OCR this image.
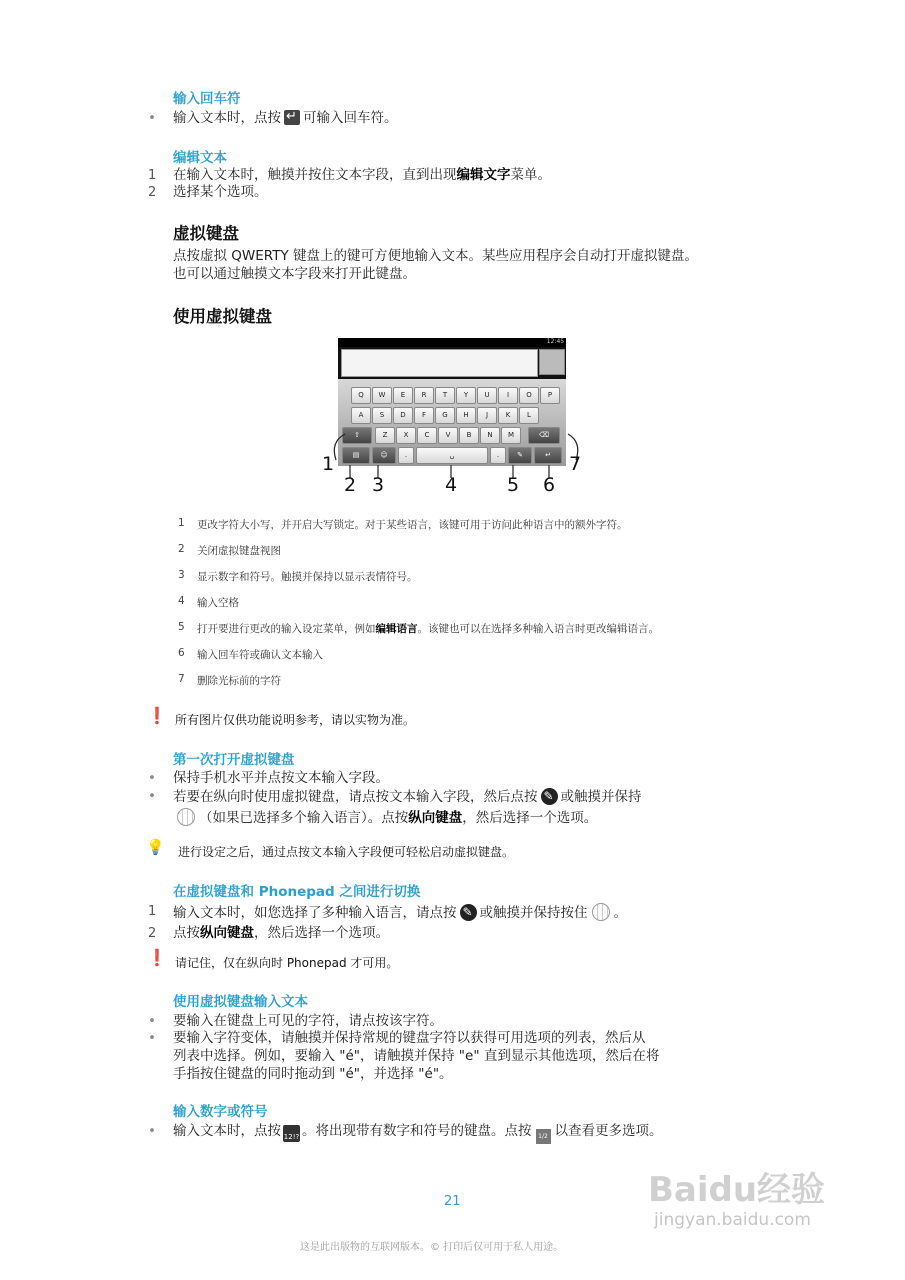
输入回车符
• 输入文本时，点按 ↵ 可输入回车符。
编辑文本
1 在输入文本时，触摸并按住文本字段，直到出现编辑文字菜单。
2 选择某个选项。
虚拟键盘
点按虚拟 QWERTY 键盘上的键可方便地输入文本。某些应用程序会自动打开虚拟键盘。
也可以通过触摸文本字段来打开此键盘。
使用虚拟键盘
12:45
Q	W	E	R	T	Y	U	I	O	P
A	S	D	F	G	H	J	K	L
⇧	Z	X	C	V	B	N	M	⌫
▤	☺	.	␣	.	✎	↵
1
2 3	4	5 6
7
1 更改字符大小写，并开启大写锁定。对于某些语言，该键可用于访问此种语言中的额外字符。
2 关闭虚拟键盘视图
3 显示数字和符号。触摸并保持以显示表情符号。
4 输入空格
5 打开要进行更改的输入设定菜单，例如编辑语言。该键也可以在选择多种输入语言时更改编辑语言。
6 输入回车符或确认文本输入
7 删除光标前的字符
❗ 所有图片仅供功能说明参考，请以实物为准。
第一次打开虚拟键盘
• 保持手机水平并点按文本输入字段。
• 若要在纵向时使用虚拟键盘，请点按文本输入字段，然后点按 ✎ 或触摸并保持
（如果已选择多个输入语言）。点按纵向键盘，然后选择一个选项。
💡 进行设定之后，通过点按文本输入字段便可轻松启动虚拟键盘。
在虚拟键盘和 Phonepad 之间进行切换
1 输入文本时，如您选择了多种输入语言，请点按 ✎ 或触摸并保持按住 。
2 点按纵向键盘，然后选择一个选项。
❗ 请记住，仅在纵向时 Phonepad 才可用。
使用虚拟键盘输入文本
• 要输入在键盘上可见的字符，请点按该字符。
• 要输入字符变体，请触摸并保持常规的键盘字符以获得可用选项的列表，然后从
列表中选择。例如，要输入 "é"，请触摸并保持 "e" 直到显示其他选项，然后在将
手指按住键盘的同时拖动到 "é"，并选择 "é"。
输入数字或符号
• 输入文本时，点按 12!? 。将出现带有数字和符号的键盘。点按 1/2 以查看更多选项。
21
这是此出版物的互联网版本。© 打印后仅可用于私人用途。
Baidu经验
jingyan.baidu.com
